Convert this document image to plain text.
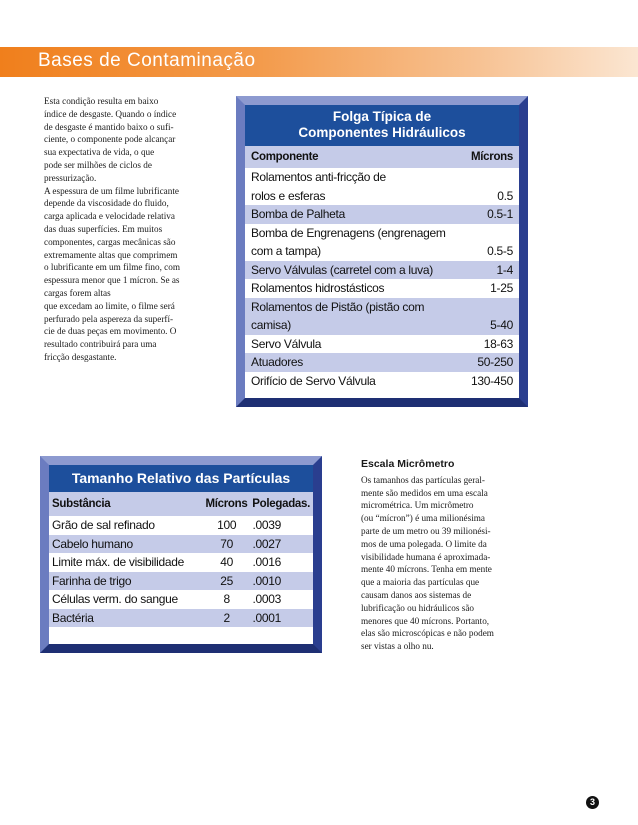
Bases de Contaminação

Esta condição resulta em baixo

índice de desgaste. Quando o índice

de desgaste é mantido baixo o sufi-

ciente, o componente pode alcançar

sua expectativa de vida, o que

pode ser milhões de ciclos de

pressurização.

A espessura de um filme lubrificante

depende da viscosidade do fluido,

carga aplicada e velocidade relativa

das duas superfícies. Em muitos

componentes, cargas mecânicas são

extremamente altas que comprimem

o lubrificante em um filme fino, com

espessura menor que 1 mícron. Se as

cargas forem altas

que excedam ao limite, o filme será

perfurado pela aspereza da superfí-

cie de duas peças em movimento. O

resultado contribuirá para uma

fricção desgastante.

Folga Típica de
Componentes Hidráulicos
Componente	Mícrons
Rolamentos anti-fricção de
rolos e esferas	0.5
Bomba de Palheta	0.5-1
Bomba de Engrenagens (engrenagem
com a tampa)	0.5-5
Servo Válvulas (carretel com a luva)	1-4
Rolamentos hidrostásticos	1-25
Rolamentos de Pistão (pistão com
camisa)	5-40
Servo Válvula	18-63
Atuadores	50-250
Orifício de Servo Válvula	130-450
Tamanho Relativo das Partículas
Substância	Mícrons Polegadas.
Grão de sal refinado	100	.0039
Cabelo humano	70	.0027
Limite máx. de visibilidade	40	.0016
Farinha de trigo	25	.0010
Células verm. do sangue	8	.0003
Bactéria	2	.0001
Escala Micrômetro

Os tamanhos das partículas geral-

mente são medidos em uma escala

micrométrica. Um micrômetro

(ou “mícron”) é uma milionésima

parte de um metro ou 39 milionési-

mos de uma polegada. O limite da

visibilidade humana é aproximada-

mente 40 mícrons. Tenha em mente

que a maioria das partículas que

causam danos aos sistemas de

lubrificação ou hidráulicos são

menores que 40 mícrons. Portanto,

elas são microscópicas e não podem

ser vistas a olho nu.

3
